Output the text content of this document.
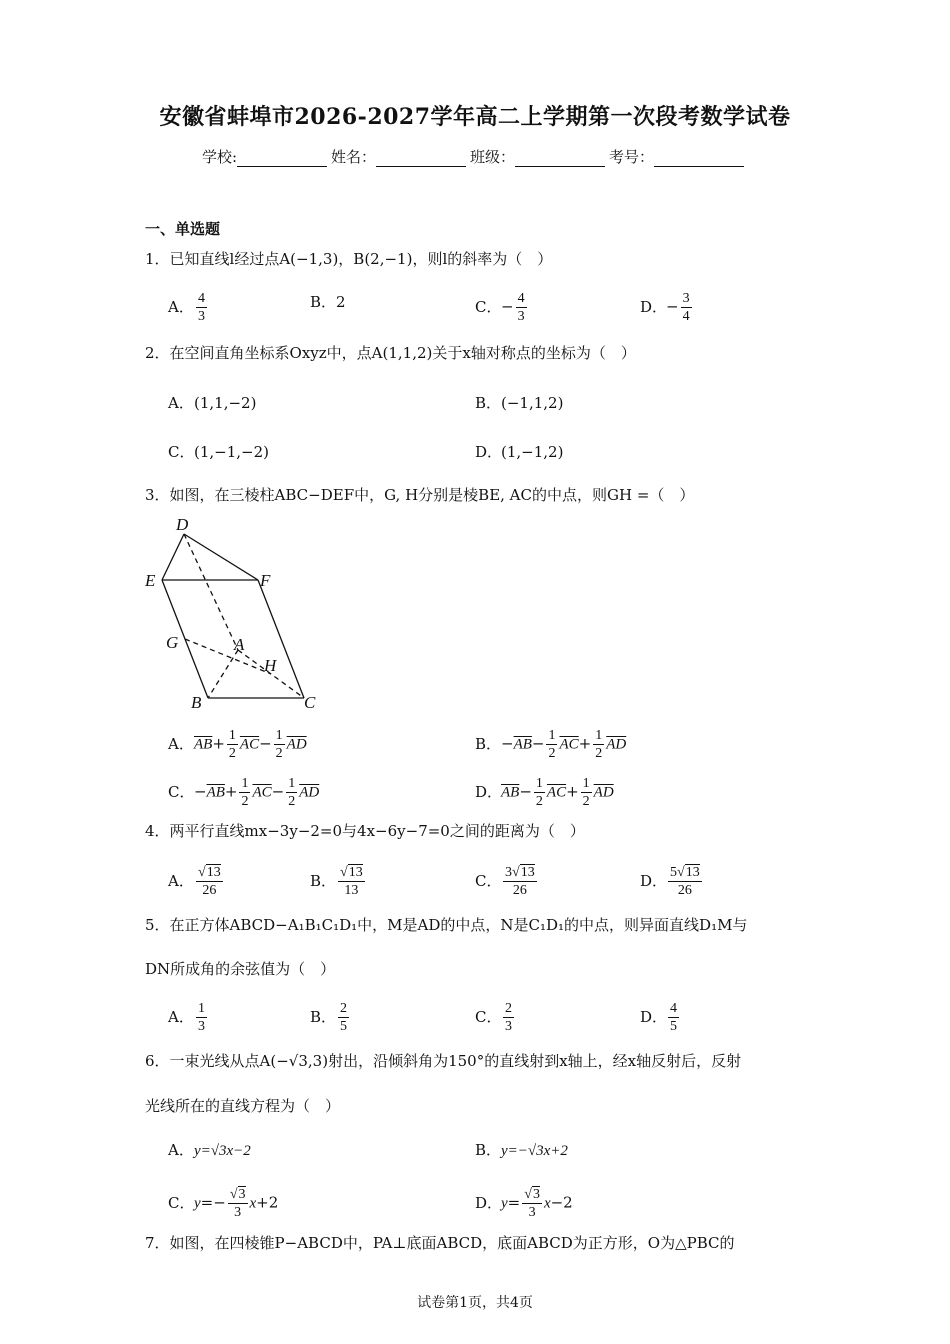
安徽省蚌埠市2026-2027学年高二上学期第一次段考数学试卷
学校:	姓名：	班级：	考号：
一、单选题
1．已知直线l经过点A(−1,3)，B(2,−1)，则l的斜率为（　）
A． $\frac{4}{3}$	B．2	C．− $\frac{4}{3}$	D．− $\frac{3}{4}$
2．在空间直角坐标系Oxyz中，点A(1,1,2)关于x轴对称点的坐标为（　）
A．(1,1,−2)	B．(−1,1,2)
C．(1,−1,−2)	D．(1,−1,2)
3．如图，在三棱柱ABC−DEF中，G, H分别是棱BE, AC的中点，则GH =（　）
D
E	F
G	A
H
B	C
A．$\overline{AB}+ \frac{1}{2} \overline{AC}- \frac{1}{2} \overline{AD}$	B．$-\overline{AB}- \frac{1}{2} \overline{AC}+ \frac{1}{2} \overline{AD}$
C．$-\overline{AB}+ \frac{1}{2} \overline{AC}- \frac{1}{2} \overline{AD}$	D．$\overline{AB}- \frac{1}{2} \overline{AC}+ \frac{1}{2} \overline{AD}$
4．两平行直线mx−3y−2=0与4x−6y−7=0之间的距离为（　）
A． $\frac{√13}{26}$	B． $\frac{√13}{13}$	C． $\frac{3√13}{26}$	D． $\frac{5√13}{26}$
5．在正方体ABCD−A₁B₁C₁D₁中，M是AD的中点，N是C₁D₁的中点，则异面直线D₁M与
DN所成角的余弦值为（　）
A． $\frac{1}{3}$	B． $\frac{2}{5}$	C． $\frac{2}{3}$	D． $\frac{4}{5}$
6．一束光线从点A(−√3,3)射出，沿倾斜角为150°的直线射到x轴上，经x轴反射后，反射
光线所在的直线方程为（　）
A．y=√3x−2	B．y=−√3x+2
C．$y=- \frac{√3}{3} x+2$	D．$y= \frac{√3}{3} x-2$
7．如图，在四棱锥P−ABCD中，PA⊥底面ABCD，底面ABCD为正方形，O为△PBC的
试卷第1页，共4页
